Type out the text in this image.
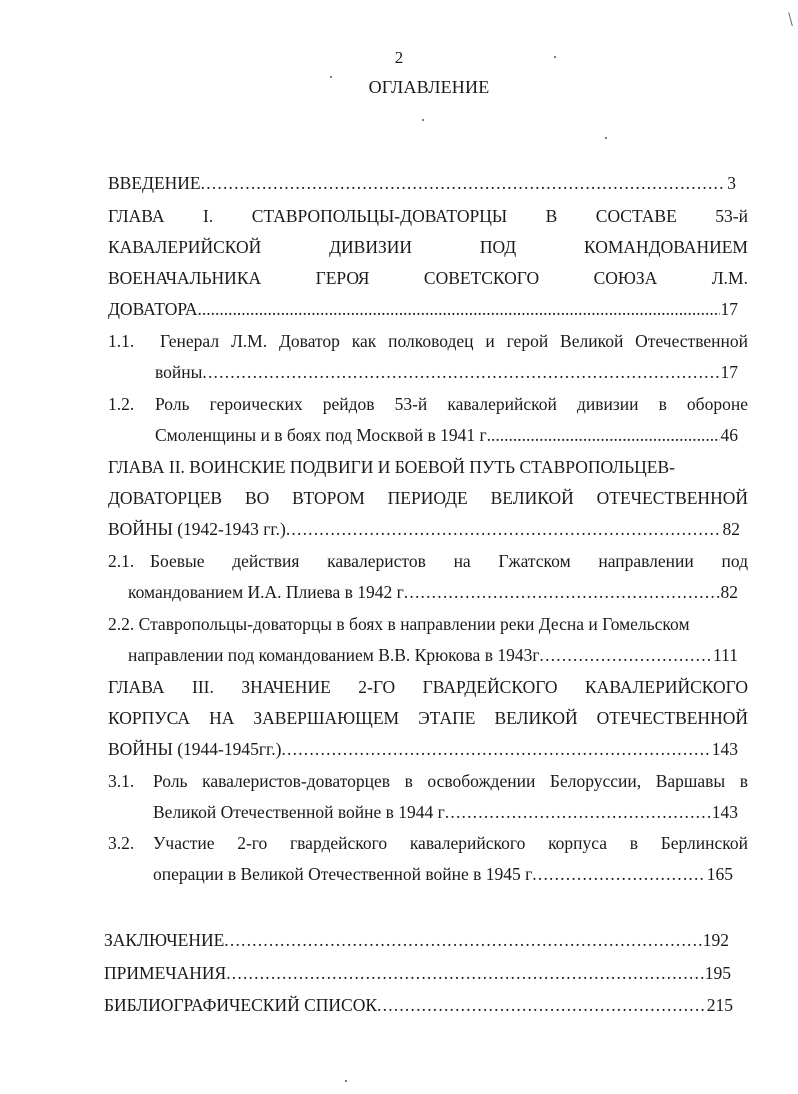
2
ОГЛАВЛЕНИЕ
ВВЕДЕНИЕ .....	3
ГЛАВА I. СТАВРОПОЛЬЦЫ-ДОВАТОРЦЫ В СОСТАВЕ 53-й
КАВАЛЕРИЙСКОЙ	ДИВИЗИИ	ПОД	КОМАНДОВАНИЕМ
ВОЕНАЧАЛЬНИКА	ГЕРОЯ	СОВЕТСКОГО	СОЮЗА	Л.М.
ДОВАТОРА .....	17
1.1. Генерал Л.М. Доватор как полководец и герой Великой Отечественной
войны .....	17
1.2. Роль героических рейдов 53-й кавалерийской дивизии в обороне
Смоленщины и в боях под Москвой в 1941 г .....	46
ГЛАВА II. ВОИНСКИЕ ПОДВИГИ И БОЕВОЙ ПУТЬ СТАВРОПОЛЬЦЕВ-
ДОВАТОРЦЕВ ВО ВТОРОМ ПЕРИОДЕ ВЕЛИКОЙ ОТЕЧЕСТВЕННОЙ
ВОЙНЫ (1942-1943 гг.) .....	82
2.1. Боевые действия кавалеристов на Гжатском направлении под
командованием И.А. Плиева в 1942 г .....	82
2.2. Ставропольцы-доваторцы в боях в направлении реки Десна и Гомельском
направлении под командованием В.В. Крюкова в 1943г .....	111
ГЛАВА III. ЗНАЧЕНИЕ 2-ГО ГВАРДЕЙСКОГО КАВАЛЕРИЙСКОГО
КОРПУСА НА ЗАВЕРШАЮЩЕМ ЭТАПЕ ВЕЛИКОЙ ОТЕЧЕСТВЕННОЙ
ВОЙНЫ (1944-1945гг.) .....	143
3.1. Роль кавалеристов-доваторцев в освобождении Белоруссии, Варшавы в
Великой Отечественной войне в 1944 г .....	143
3.2. Участие 2-го гвардейского кавалерийского корпуса в Берлинской
операции в Великой Отечественной войне в 1945 г .....	165
ЗАКЛЮЧЕНИЕ .....	192
ПРИМЕЧАНИЯ .....	195
БИБЛИОГРАФИЧЕСКИЙ СПИСОК .....	215
